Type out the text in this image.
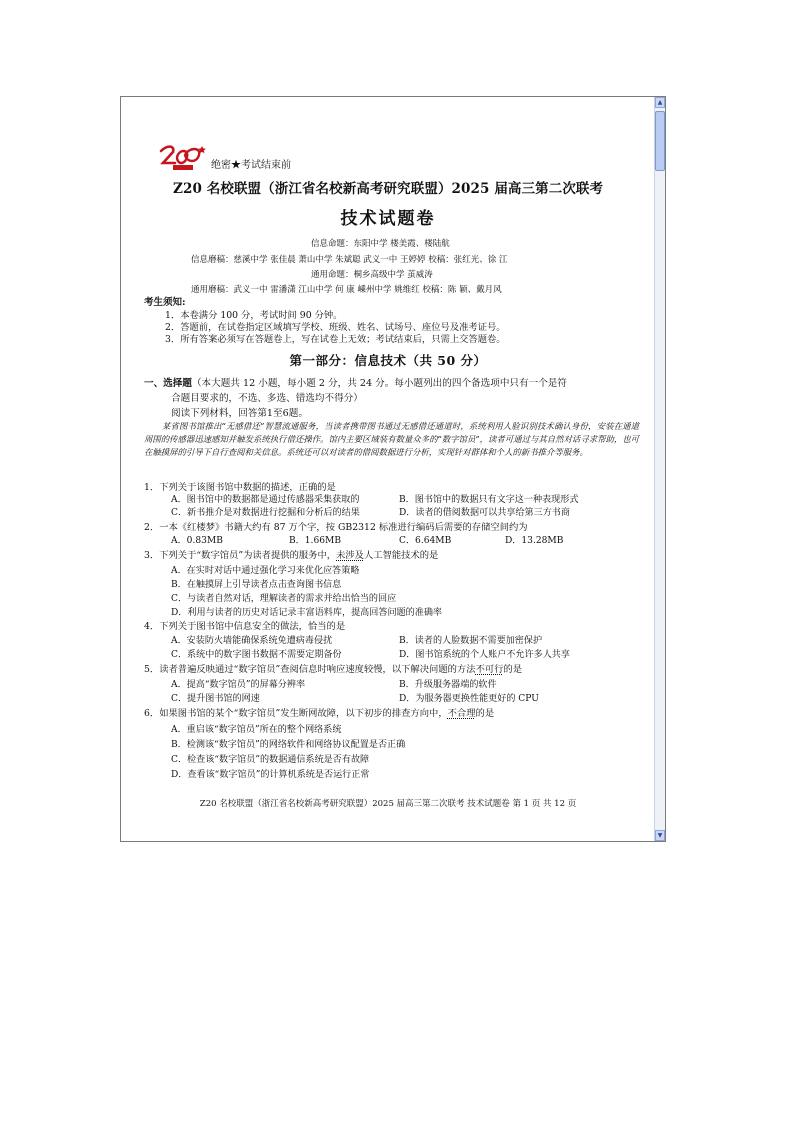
名校联盟
绝密★考试结束前
Z20 名校联盟（浙江省名校新高考研究联盟）2025 届高三第二次联考
技术试题卷
信息命题：东阳中学 楼美霞、楼陆航
信息磨稿：慈溪中学 张佳晨 萧山中学 朱斌聪 武义一中 王婷婷 校稿：张红光、徐 江
通用命题：桐乡高级中学 茧威涛
通用磨稿：武义一中 雷潘潇 江山中学 何 康 嵊州中学 姚维红 校稿：陈 颖、戴月风
考生须知:
1．本卷满分 100 分，考试时间 90 分钟。
2．答题前，在试卷指定区域填写学校、班级、姓名、试场号、座位号及准考证号。
3．所有答案必须写在答题卷上，写在试卷上无效；考试结束后，只需上交答题卷。
第一部分：信息技术（共 50 分）
一、选择题（本大题共 12 小题，每小题 2 分，共 24 分。每小题列出的四个备选项中只有一个是符
合题目要求的，不选、多选、错选均不得分）
阅读下列材料，回答第1至6题。
某省图书馆推出“无感借还”智慧流通服务，当读者携带图书通过无感借还通道时，系统利用人脸识别技术确认身份，安装在通道周围的传感器迅速感知并触发系统执行借还操作。馆内主要区域装有数量众多的“数字馆员”，读者可通过与其自然对话寻求帮助，也可在触摸屏的引导下自行查阅和关信息。系统还可以对读者的借阅数据进行分析，实现针对群体和个人的新书推介等服务。
1．下列关于该图书馆中数据的描述，正确的是
A．图书馆中的数据都是通过传感器采集获取的	B．图书馆中的数据只有文字这一种表现形式
C．新书推介是对数据进行挖掘和分析后的结果	D．读者的借阅数据可以共享给第三方书商
2．一本《红楼梦》书籍大约有 87 万个字，按 GB2312 标准进行编码后需要的存储空间约为
A．0.83MB	B．1.66MB	C．6.64MB	D．13.28MB
3．下列关于“数字馆员”为读者提供的服务中，未涉及人工智能技术的是
A．在实时对话中通过强化学习来优化应答策略
B．在触摸屏上引导读者点击查询图书信息
C．与读者自然对话，理解读者的需求并给出恰当的回应
D．利用与读者的历史对话记录丰富语料库，提高回答问题的准确率
4．下列关于图书馆中信息安全的做法，恰当的是
A．安装防火墙能确保系统免遭病毒侵扰	B．读者的人脸数据不需要加密保护
C．系统中的数字图书数据不需要定期备份	D．图书馆系统的个人账户不允许多人共享
5．读者普遍反映通过“数字馆员”查阅信息时响应速度较慢，以下解决问题的方法不可行的是
A．提高“数字馆员”的屏幕分辨率	B．升级服务器端的软件
C．提升图书馆的网速	D．为服务器更换性能更好的 CPU
6．如果图书馆的某个“数字馆员”发生断网故障，以下初步的排查方向中，不合理的是
A．重启该“数字馆员”所在的整个网络系统
B．检测该“数字馆员”的网络软件和网络协议配置是否正确
C．检查该“数字馆员”的数据通信系统是否有故障
D．查看该“数字馆员”的计算机系统是否运行正常
Z20 名校联盟（浙江省名校新高考研究联盟）2025 届高三第二次联考 技术试题卷 第 1 页 共 12 页
▲
▼
